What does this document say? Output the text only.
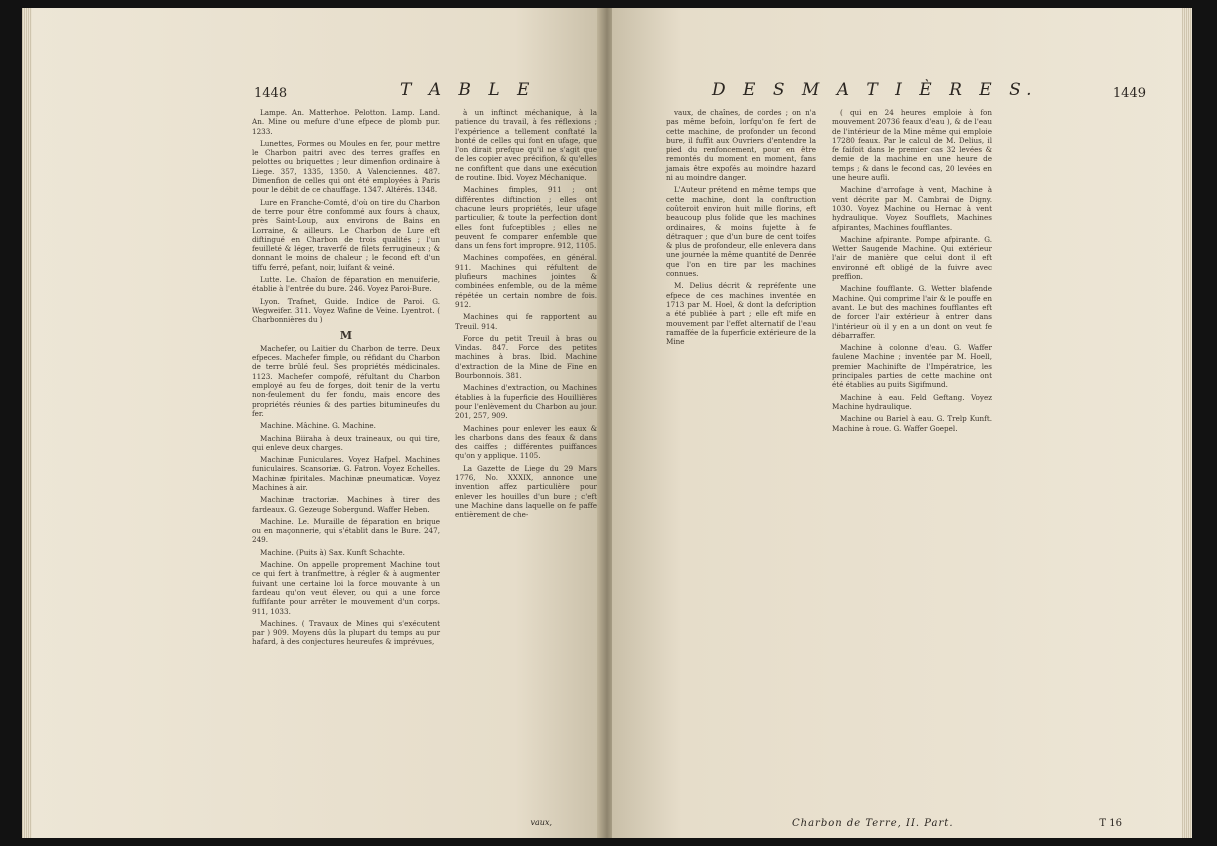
1448	T A B L E

Lampe. An. Matterhoe. Pelotton. Lamp. Land. An. Mine ou mefure d'une efpece de plomb pur. 1233.

Lunettes, Formes ou Moules en fer, pour mettre le Charbon paitri avec des terres graffes en pelottes ou briquettes ; leur dimenfion ordinaire à Liege. 357, 1335, 1350. A Valenciennes. 487. Dimenfion de celles qui ont été employées à Paris pour le débit de ce chauffage. 1347. Altérés. 1348.

Lure en Franche-Comté, d'où on tire du Charbon de terre pour être confommé aux fours à chaux, près Saint-Loup, aux environs de Bains en Lorraine, & ailleurs. Le Charbon de Lure eft diftingué en Charbon de trois qualités ; l'un feuilleté & léger, traverfé de filets ferrugineux ; & donnant le moins de chaleur ; le fecond eft d'un tiffu ferré, pefant, noir, luifant & veiné.

Lutte. Le. Chaîon de féparation en menuiferie, établie à l'entrée du bure. 246. Voyez Paroi-Bure.

Lyon. Trafnet, Guide. Indice de Paroi. G. Wegweifer. 311. Voyez Wafine de Veine. Lyentrot. ( Charbonnières du )

M

Machefer, ou Laitier du Charbon de terre. Deux efpeces. Machefer fimple, ou réfidant du Charbon de terre brûlé feul. Ses propriétés médicinales. 1123. Machefer compofé, réfultant du Charbon employé au feu de forges, doit tenir de la vertu non-feulement du fer fondu, mais encore des propriétés réunies & des parties bitumineufes du fer.

Machine. Mâchine. G. Machine.

Machina Biiraha à deux traineaux, ou qui tire, qui enleve deux charges.

Machinæ Funiculares. Voyez Hafpel. Machines funiculaires. Scansoriæ. G. Fatron. Voyez Echelles. Machinæ fpiritales. Machinæ pneumaticæ. Voyez Machines à air.

Machinæ tractoriæ. Machines à tirer des fardeaux. G. Gezeuge Sobergund. Waffer Heben.

Machine. Le. Muraille de féparation en brique ou en maçonnerie, qui s'établit dans le Bure. 247, 249.

Machine. (Puits à) Sax. Kunft Schachte.

Machine. On appelle proprement Machine tout ce qui fert à tranfmettre, à régler & à augmenter fuivant une certaine loi la force mouvante à un fardeau qu'on veut élever, ou qui a une force fuffifante pour arrêter le mouvement d'un corps. 911, 1033.

Machines. ( Travaux de Mines qui s'exécutent par ) 909. Moyens dûs la plupart du temps au pur hafard, à des conjectures heureufes & imprévues,

à un inftinct méchanique, à la patience du travail, à fes réflexions ; l'expérience a tellement conftaté la bonté de celles qui font en ufage, que l'on dirait prefque qu'il ne s'agit que de les copier avec précifion, & qu'elles ne confiftent que dans une exécution de routine. Ibid. Voyez Méchanique.

Machines fimples, 911 ; ont différentes diftinction ; elles ont chacune leurs propriétés, leur ufage particulier, & toute la perfection dont elles font fufceptibles ; elles ne peuvent fe comparer enfemble que dans un fens fort impropre. 912, 1105.

Machines compofées, en général. 911. Machines qui réfultent de plufieurs machines jointes & combinées enfemble, ou de la même répétée un certain nombre de fois. 912.

Machines qui fe rapportent au Treuil. 914.

Force du petit Treuil à bras ou Vindas. 847. Force des petites machines à bras. Ibid. Machine d'extraction de la Mine de Fine en Bourbonnois. 381.

Machines d'extraction, ou Machines établies à la fuperficie des Houillières pour l'enlèvement du Charbon au jour. 201, 257, 909.

Machines pour enlever les eaux & les charbons dans des feaux & dans des caiffes ; différentes puiffances qu'on y applique. 1105.

La Gazette de Liege du 29 Mars 1776, No. XXXIX, annonce une invention affez particulière pour enlever les houilles d'un bure ; c'eft une Machine dans laquelle on fe paffe entièrement de che-

vaux,
D E S M A T I È R E S.	1449

vaux, de chaînes, de cordes ; on n'a pas même befoin, lorfqu'on fe fert de cette machine, de profonder un fecond bure, il fuffit aux Ouvriers d'entendre la pied du renfoncement, pour en être remontés du moment en moment, fans jamais être expofés au moindre hazard ni au moindre danger.

L'Auteur prétend en même temps que cette machine, dont la conftruction coûteroit environ huit mille florins, eft beaucoup plus folide que les machines ordinaires, & moins fujette à fe détraquer ; que d'un bure de cent toifes & plus de profondeur, elle enlevera dans une journée la même quantité de Denrée que l'on en tire par les machines connues.

M. Delius décrit & repréfente une efpece de ces machines inventée en 1713 par M. Hoel, & dont la defcription a été publiée à part ; elle eft mife en mouvement par l'effet alternatif de l'eau ramaffée de la fuperficie extérieure de la Mine

( qui en 24 heures emploie à fon mouvement 20736 feaux d'eau ), & de l'eau de l'intérieur de la Mine même qui emploie 17280 feaux. Par le calcul de M. Delius, il fe faifoit dans le premier cas 32 levées & demie de la machine en une heure de temps ; & dans le fecond cas, 20 levées en une heure aufli.

Machine d'arrofage à vent, Machine à vent décrite par M. Cambrai de Digny. 1030. Voyez Machine ou Hernac à vent hydraulique. Voyez Soufflets, Machines afpirantes, Machines foufflantes.

Machine afpirante. Pompe afpirante. G. Wetter Saugende Machine. Qui extérieur l'air de manière que celui dont il eft environné eft obligé de la fuivre avec preffion.

Machine foufflante. G. Wetter blafende Machine. Qui comprime l'air & le pouffe en avant. Le but des machines foufflantes eft de forcer l'air extérieur à entrer dans l'intérieur où il y en a un dont on veut fe débarraffer.

Machine à colonne d'eau. G. Waffer faulene Machine ; inventée par M. Hoell, premier Machinifte de l'Impératrice, les principales parties de cette machine ont été établies au puits Sigifmund.

Machine à eau. Feld Geftang. Voyez Machine hydraulique.

Machine ou Bariel à eau. G. Trelp Kunft. Machine à roue. G. Waffer Goepel.

Charbon de Terre, II. Part.	T 16
